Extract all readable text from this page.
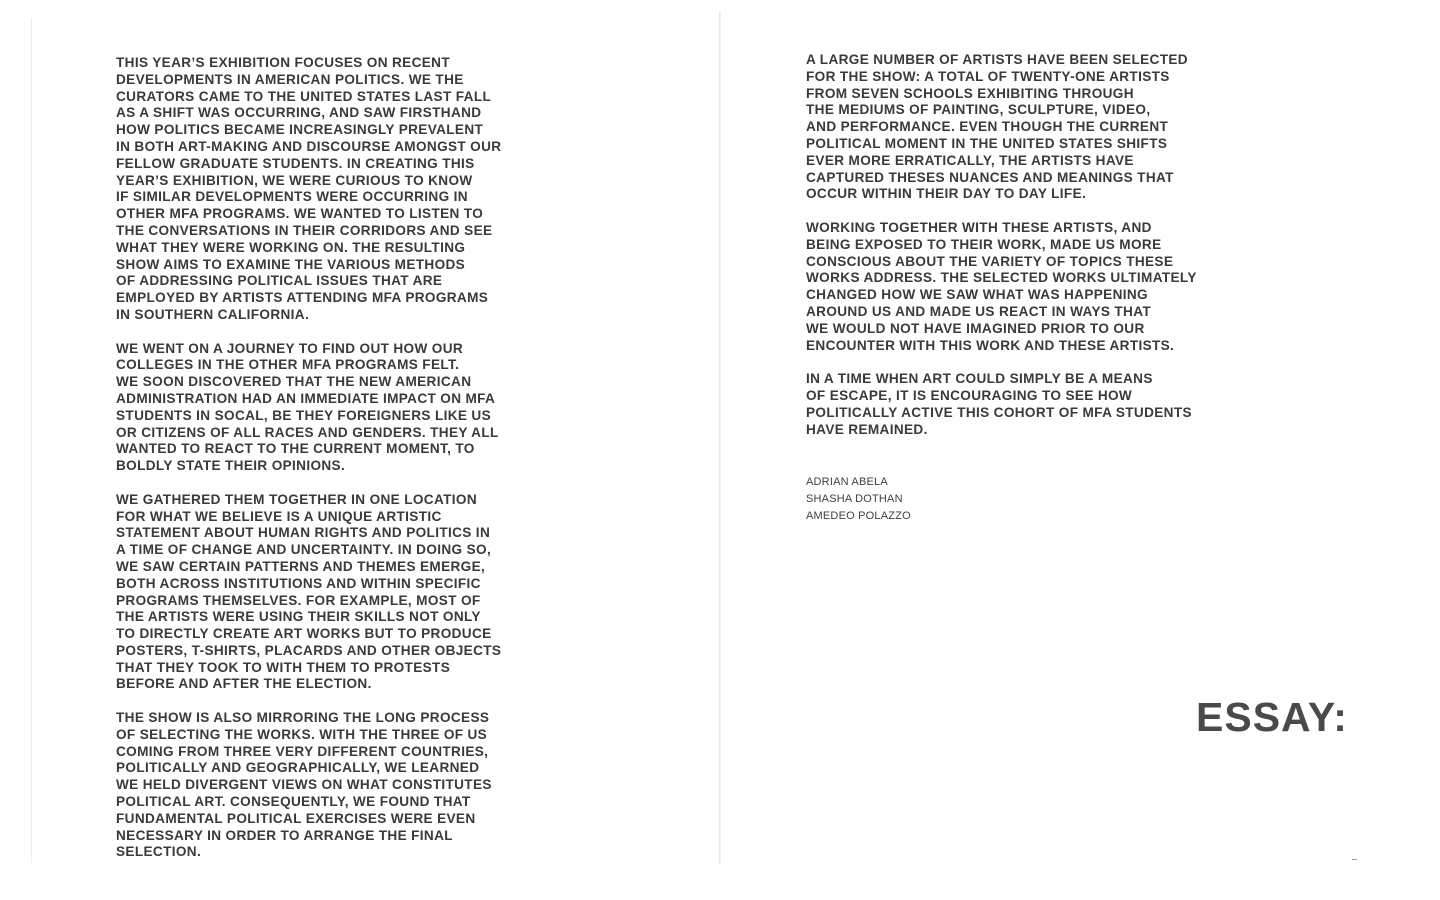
THIS YEAR’S EXHIBITION FOCUSES ON RECENT
DEVELOPMENTS IN AMERICAN POLITICS. WE THE
CURATORS CAME TO THE UNITED STATES LAST FALL
AS A SHIFT WAS OCCURRING, AND SAW FIRSTHAND
HOW POLITICS BECAME INCREASINGLY PREVALENT
IN BOTH ART-MAKING AND DISCOURSE AMONGST OUR
FELLOW GRADUATE STUDENTS. IN CREATING THIS
YEAR’S EXHIBITION, WE WERE CURIOUS TO KNOW
IF SIMILAR DEVELOPMENTS WERE OCCURRING IN
OTHER MFA PROGRAMS. WE WANTED TO LISTEN TO
THE CONVERSATIONS IN THEIR CORRIDORS AND SEE
WHAT THEY WERE WORKING ON. THE RESULTING
SHOW AIMS TO EXAMINE THE VARIOUS METHODS
OF ADDRESSING POLITICAL ISSUES THAT ARE
EMPLOYED BY ARTISTS ATTENDING MFA PROGRAMS
IN SOUTHERN CALIFORNIA.

WE WENT ON A JOURNEY TO FIND OUT HOW OUR
COLLEGES IN THE OTHER MFA PROGRAMS FELT.
WE SOON DISCOVERED THAT THE NEW AMERICAN
ADMINISTRATION HAD AN IMMEDIATE IMPACT ON MFA
STUDENTS IN SOCAL, BE THEY FOREIGNERS LIKE US
OR CITIZENS OF ALL RACES AND GENDERS. THEY ALL
WANTED TO REACT TO THE CURRENT MOMENT, TO
BOLDLY STATE THEIR OPINIONS.

WE GATHERED THEM TOGETHER IN ONE LOCATION
FOR WHAT WE BELIEVE IS A UNIQUE ARTISTIC
STATEMENT ABOUT HUMAN RIGHTS AND POLITICS IN
A TIME OF CHANGE AND UNCERTAINTY. IN DOING SO,
WE SAW CERTAIN PATTERNS AND THEMES EMERGE,
BOTH ACROSS INSTITUTIONS AND WITHIN SPECIFIC
PROGRAMS THEMSELVES. FOR EXAMPLE, MOST OF
THE ARTISTS WERE USING THEIR SKILLS NOT ONLY
TO DIRECTLY CREATE ART WORKS BUT TO PRODUCE
POSTERS, T-SHIRTS, PLACARDS AND OTHER OBJECTS
THAT THEY TOOK TO WITH THEM TO PROTESTS
BEFORE AND AFTER THE ELECTION.

THE SHOW IS ALSO MIRRORING THE LONG PROCESS
OF SELECTING THE WORKS. WITH THE THREE OF US
COMING FROM THREE VERY DIFFERENT COUNTRIES,
POLITICALLY AND GEOGRAPHICALLY, WE LEARNED
WE HELD DIVERGENT VIEWS ON WHAT CONSTITUTES
POLITICAL ART. CONSEQUENTLY, WE FOUND THAT
FUNDAMENTAL POLITICAL EXERCISES WERE EVEN
NECESSARY IN ORDER TO ARRANGE THE FINAL
SELECTION.

A LARGE NUMBER OF ARTISTS HAVE BEEN SELECTED
FOR THE SHOW: A TOTAL OF TWENTY-ONE ARTISTS
FROM SEVEN SCHOOLS EXHIBITING THROUGH
THE MEDIUMS OF PAINTING, SCULPTURE, VIDEO,
AND PERFORMANCE. EVEN THOUGH THE CURRENT
POLITICAL MOMENT IN THE UNITED STATES SHIFTS
EVER MORE ERRATICALLY, THE ARTISTS HAVE
CAPTURED THESES NUANCES AND MEANINGS THAT
OCCUR WITHIN THEIR DAY TO DAY LIFE.

WORKING TOGETHER WITH THESE ARTISTS, AND
BEING EXPOSED TO THEIR WORK, MADE US MORE
CONSCIOUS ABOUT THE VARIETY OF TOPICS THESE
WORKS ADDRESS. THE SELECTED WORKS ULTIMATELY
CHANGED HOW WE SAW WHAT WAS HAPPENING
AROUND US AND MADE US REACT IN WAYS THAT
WE WOULD NOT HAVE IMAGINED PRIOR TO OUR
ENCOUNTER WITH THIS WORK AND THESE ARTISTS.

IN A TIME WHEN ART COULD SIMPLY BE A MEANS
OF ESCAPE, IT IS ENCOURAGING TO SEE HOW
POLITICALLY ACTIVE THIS COHORT OF MFA STUDENTS
HAVE REMAINED.

ADRIAN ABELA
SHASHA DOTHAN
AMEDEO POLAZZO
ESSAY:
